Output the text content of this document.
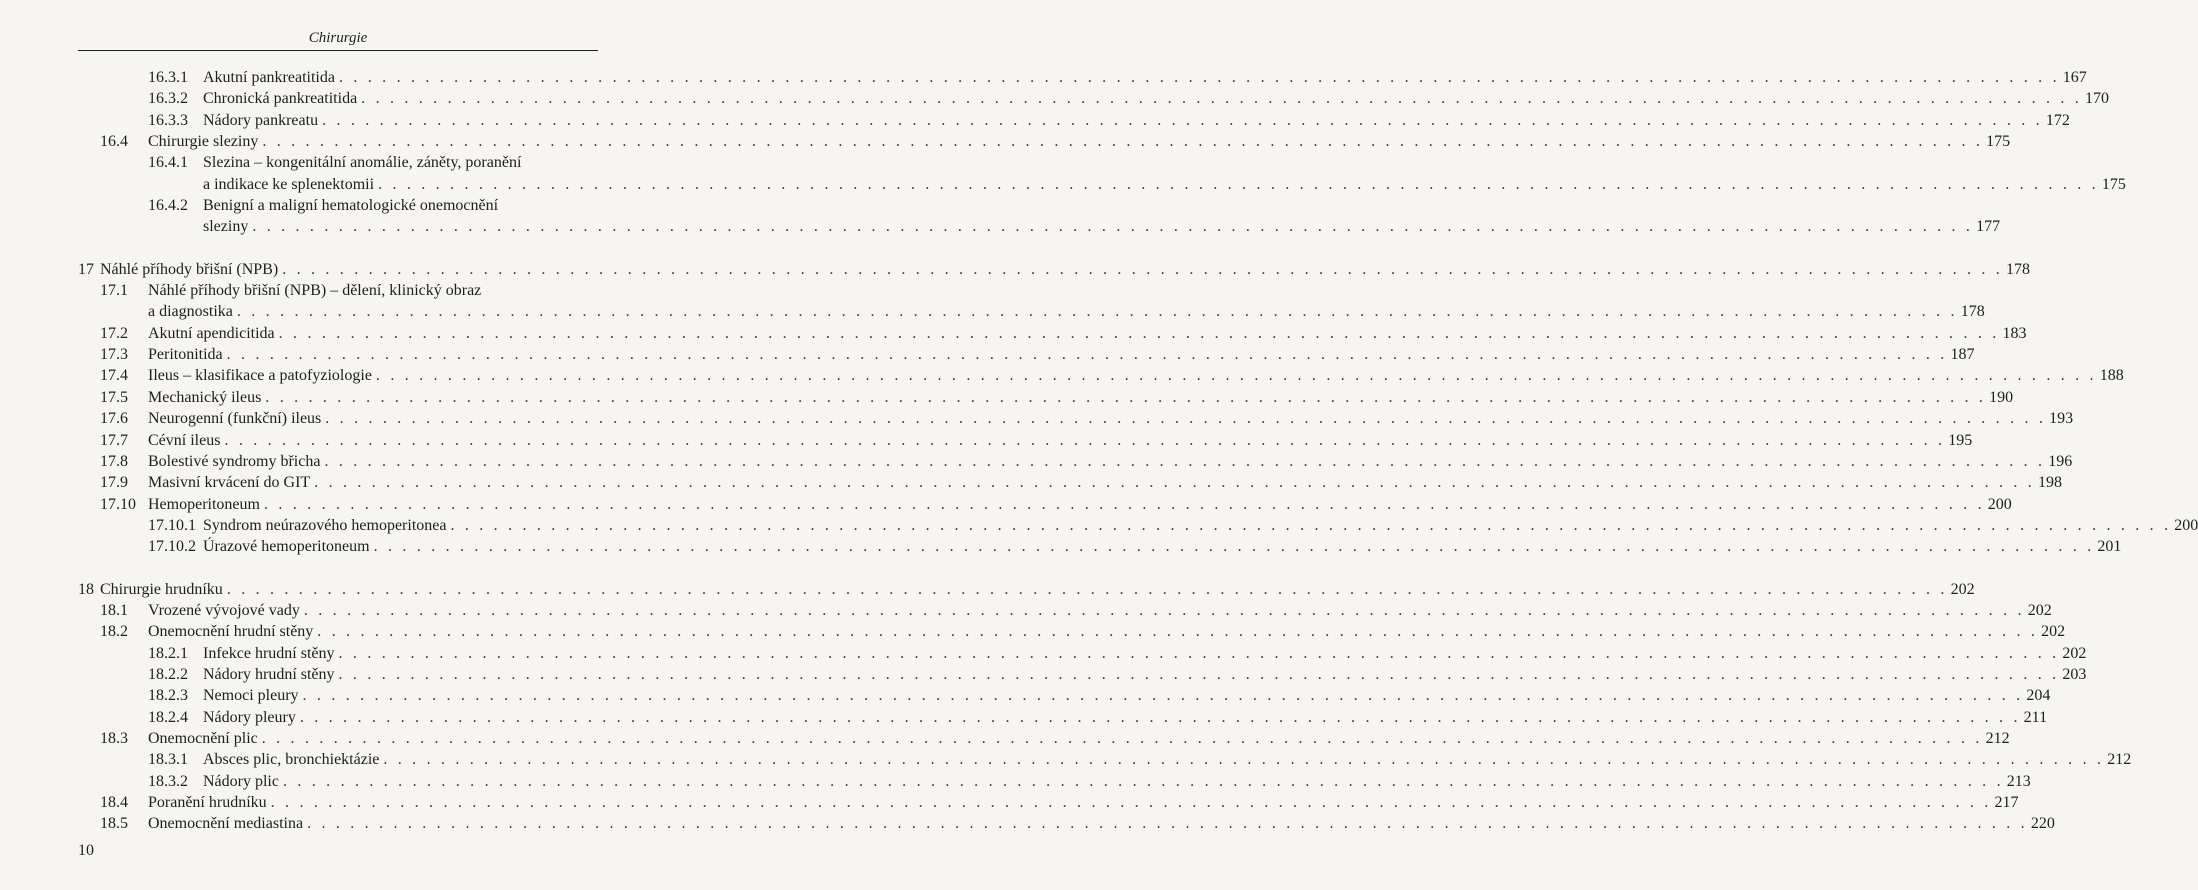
Chirurgie
16.3.1 Akutní pankreatitida . . . . . . . . . . . . . . . . . . . . . . . . . . . . . . . . . . . . . . . . . . . . . . . . . . . . . . . . . . . . . . . . . . . . . . . . . . . . . . . . . . . . . . . . . . . . . . . . . . . . . . . . . . . . . . . . . . . . . . . . 167
16.3.2 Chronická pankreatitida . . . . . . . . . . . . . . . . . . . . . . . . . . . . . . . . . . . . . . . . . . . . . . . . . . . . . . . . . . . . . . . . . . . . . . . . . . . . . . . . . . . . . . . . . . . . . . . . . . . . . . . . . . . . . . . . . . . . . . . . 170
16.3.3 Nádory pankreatu . . . . . . . . . . . . . . . . . . . . . . . . . . . . . . . . . . . . . . . . . . . . . . . . . . . . . . . . . . . . . . . . . . . . . . . . . . . . . . . . . . . . . . . . . . . . . . . . . . . . . . . . . . . . . . . . . . . . . . . . 172
16.4 Chirurgie sleziny . . . . . . . . . . . . . . . . . . . . . . . . . . . . . . . . . . . . . . . . . . . . . . . . . . . . . . . . . . . . . . . . . . . . . . . . . . . . . . . . . . . . . . . . . . . . . . . . . . . . . . . . . . . . . . . . . . . . . . . . 175
16.4.1 Slezina – kongenitální anomálie, záněty, poranění
a indikace ke splenektomii . . . . . . . . . . . . . . . . . . . . . . . . . . . . . . . . . . . . . . . . . . . . . . . . . . . . . . . . . . . . . . . . . . . . . . . . . . . . . . . . . . . . . . . . . . . . . . . . . . . . . . . . . . . . . . . . . . . . . . . . 175
16.4.2 Benigní a maligní hematologické onemocnění
sleziny . . . . . . . . . . . . . . . . . . . . . . . . . . . . . . . . . . . . . . . . . . . . . . . . . . . . . . . . . . . . . . . . . . . . . . . . . . . . . . . . . . . . . . . . . . . . . . . . . . . . . . . . . . . . . . . . . . . . . . . . 177
17 Náhlé příhody břišní (NPB) . . . . . . . . . . . . . . . . . . . . . . . . . . . . . . . . . . . . . . . . . . . . . . . . . . . . . . . . . . . . . . . . . . . . . . . . . . . . . . . . . . . . . . . . . . . . . . . . . . . . . . . . . . . . . . . . . . . . . . . . 178
17.1 Náhlé příhody břišní (NPB) – dělení, klinický obraz
a diagnostika . . . . . . . . . . . . . . . . . . . . . . . . . . . . . . . . . . . . . . . . . . . . . . . . . . . . . . . . . . . . . . . . . . . . . . . . . . . . . . . . . . . . . . . . . . . . . . . . . . . . . . . . . . . . . . . . . . . . . . . . 178
17.2 Akutní apendicitida . . . . . . . . . . . . . . . . . . . . . . . . . . . . . . . . . . . . . . . . . . . . . . . . . . . . . . . . . . . . . . . . . . . . . . . . . . . . . . . . . . . . . . . . . . . . . . . . . . . . . . . . . . . . . . . . . . . . . . . . 183
17.3 Peritonitida . . . . . . . . . . . . . . . . . . . . . . . . . . . . . . . . . . . . . . . . . . . . . . . . . . . . . . . . . . . . . . . . . . . . . . . . . . . . . . . . . . . . . . . . . . . . . . . . . . . . . . . . . . . . . . . . . . . . . . . . 187
17.4 Ileus – klasifikace a patofyziologie . . . . . . . . . . . . . . . . . . . . . . . . . . . . . . . . . . . . . . . . . . . . . . . . . . . . . . . . . . . . . . . . . . . . . . . . . . . . . . . . . . . . . . . . . . . . . . . . . . . . . . . . . . . . . . . . . . . . . . . . 188
17.5 Mechanický ileus . . . . . . . . . . . . . . . . . . . . . . . . . . . . . . . . . . . . . . . . . . . . . . . . . . . . . . . . . . . . . . . . . . . . . . . . . . . . . . . . . . . . . . . . . . . . . . . . . . . . . . . . . . . . . . . . . . . . . . . . 190
17.6 Neurogenní (funkční) ileus . . . . . . . . . . . . . . . . . . . . . . . . . . . . . . . . . . . . . . . . . . . . . . . . . . . . . . . . . . . . . . . . . . . . . . . . . . . . . . . . . . . . . . . . . . . . . . . . . . . . . . . . . . . . . . . . . . . . . . . . 193
17.7 Cévní ileus . . . . . . . . . . . . . . . . . . . . . . . . . . . . . . . . . . . . . . . . . . . . . . . . . . . . . . . . . . . . . . . . . . . . . . . . . . . . . . . . . . . . . . . . . . . . . . . . . . . . . . . . . . . . . . . . . . . . . . . . 195
17.8 Bolestivé syndromy břicha . . . . . . . . . . . . . . . . . . . . . . . . . . . . . . . . . . . . . . . . . . . . . . . . . . . . . . . . . . . . . . . . . . . . . . . . . . . . . . . . . . . . . . . . . . . . . . . . . . . . . . . . . . . . . . . . . . . . . . . . 196
17.9 Masivní krvácení do GIT . . . . . . . . . . . . . . . . . . . . . . . . . . . . . . . . . . . . . . . . . . . . . . . . . . . . . . . . . . . . . . . . . . . . . . . . . . . . . . . . . . . . . . . . . . . . . . . . . . . . . . . . . . . . . . . . . . . . . . . . 198
17.10 Hemoperitoneum . . . . . . . . . . . . . . . . . . . . . . . . . . . . . . . . . . . . . . . . . . . . . . . . . . . . . . . . . . . . . . . . . . . . . . . . . . . . . . . . . . . . . . . . . . . . . . . . . . . . . . . . . . . . . . . . . . . . . . . . 200
17.10.1 Syndrom neúrazového hemoperitonea . . . . . . . . . . . . . . . . . . . . . . . . . . . . . . . . . . . . . . . . . . . . . . . . . . . . . . . . . . . . . . . . . . . . . . . . . . . . . . . . . . . . . . . . . . . . . . . . . . . . . . . . . . . . . . . . . . . . . . . . 200
17.10.2 Úrazové hemoperitoneum . . . . . . . . . . . . . . . . . . . . . . . . . . . . . . . . . . . . . . . . . . . . . . . . . . . . . . . . . . . . . . . . . . . . . . . . . . . . . . . . . . . . . . . . . . . . . . . . . . . . . . . . . . . . . . . . . . . . . . . . 201
18 Chirurgie hrudníku . . . . . . . . . . . . . . . . . . . . . . . . . . . . . . . . . . . . . . . . . . . . . . . . . . . . . . . . . . . . . . . . . . . . . . . . . . . . . . . . . . . . . . . . . . . . . . . . . . . . . . . . . . . . . . . . . . . . . . . . 202
18.1 Vrozené vývojové vady . . . . . . . . . . . . . . . . . . . . . . . . . . . . . . . . . . . . . . . . . . . . . . . . . . . . . . . . . . . . . . . . . . . . . . . . . . . . . . . . . . . . . . . . . . . . . . . . . . . . . . . . . . . . . . . . . . . . . . . . 202
18.2 Onemocnění hrudní stěny . . . . . . . . . . . . . . . . . . . . . . . . . . . . . . . . . . . . . . . . . . . . . . . . . . . . . . . . . . . . . . . . . . . . . . . . . . . . . . . . . . . . . . . . . . . . . . . . . . . . . . . . . . . . . . . . . . . . . . . . 202
18.2.1 Infekce hrudní stěny . . . . . . . . . . . . . . . . . . . . . . . . . . . . . . . . . . . . . . . . . . . . . . . . . . . . . . . . . . . . . . . . . . . . . . . . . . . . . . . . . . . . . . . . . . . . . . . . . . . . . . . . . . . . . . . . . . . . . . . . 202
18.2.2 Nádory hrudní stěny . . . . . . . . . . . . . . . . . . . . . . . . . . . . . . . . . . . . . . . . . . . . . . . . . . . . . . . . . . . . . . . . . . . . . . . . . . . . . . . . . . . . . . . . . . . . . . . . . . . . . . . . . . . . . . . . . . . . . . . . 203
18.2.3 Nemoci pleury . . . . . . . . . . . . . . . . . . . . . . . . . . . . . . . . . . . . . . . . . . . . . . . . . . . . . . . . . . . . . . . . . . . . . . . . . . . . . . . . . . . . . . . . . . . . . . . . . . . . . . . . . . . . . . . . . . . . . . . . 204
18.2.4 Nádory pleury . . . . . . . . . . . . . . . . . . . . . . . . . . . . . . . . . . . . . . . . . . . . . . . . . . . . . . . . . . . . . . . . . . . . . . . . . . . . . . . . . . . . . . . . . . . . . . . . . . . . . . . . . . . . . . . . . . . . . . . . 211
18.3 Onemocnění plic . . . . . . . . . . . . . . . . . . . . . . . . . . . . . . . . . . . . . . . . . . . . . . . . . . . . . . . . . . . . . . . . . . . . . . . . . . . . . . . . . . . . . . . . . . . . . . . . . . . . . . . . . . . . . . . . . . . . . . . . 212
18.3.1 Absces plic, bronchiektázie . . . . . . . . . . . . . . . . . . . . . . . . . . . . . . . . . . . . . . . . . . . . . . . . . . . . . . . . . . . . . . . . . . . . . . . . . . . . . . . . . . . . . . . . . . . . . . . . . . . . . . . . . . . . . . . . . . . . . . . . 212
18.3.2 Nádory plic . . . . . . . . . . . . . . . . . . . . . . . . . . . . . . . . . . . . . . . . . . . . . . . . . . . . . . . . . . . . . . . . . . . . . . . . . . . . . . . . . . . . . . . . . . . . . . . . . . . . . . . . . . . . . . . . . . . . . . . . 213
18.4 Poranění hrudníku . . . . . . . . . . . . . . . . . . . . . . . . . . . . . . . . . . . . . . . . . . . . . . . . . . . . . . . . . . . . . . . . . . . . . . . . . . . . . . . . . . . . . . . . . . . . . . . . . . . . . . . . . . . . . . . . . . . . . . . . 217
18.5 Onemocnění mediastina . . . . . . . . . . . . . . . . . . . . . . . . . . . . . . . . . . . . . . . . . . . . . . . . . . . . . . . . . . . . . . . . . . . . . . . . . . . . . . . . . . . . . . . . . . . . . . . . . . . . . . . . . . . . . . . . . . . . . . . . 220
10
